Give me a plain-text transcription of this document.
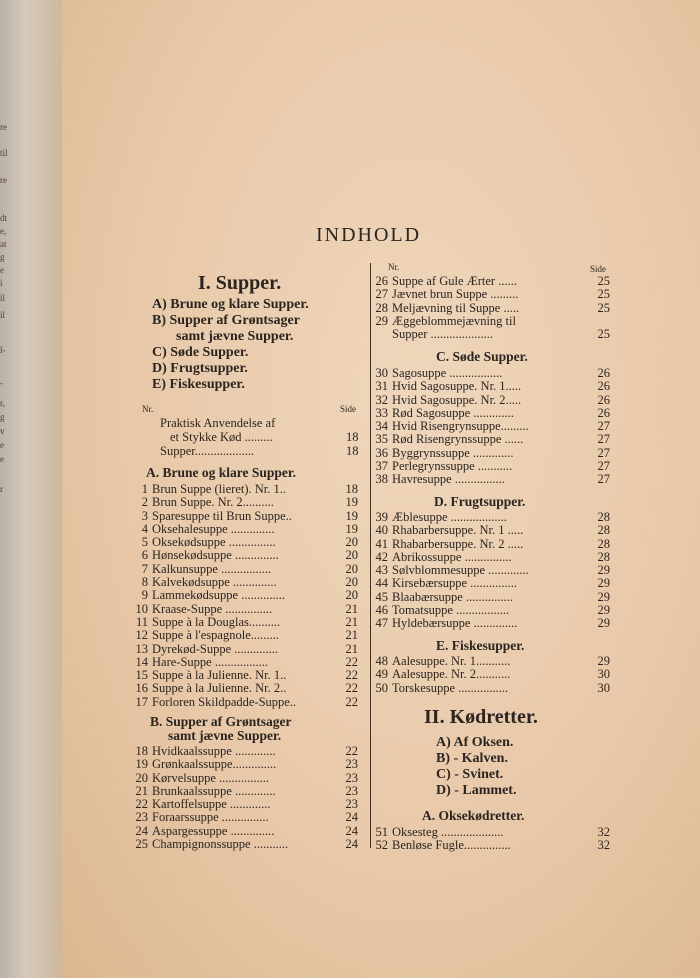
re
til
re
dt
e,
at
g
e
i
il
il
l-
-
r,
g
v
e
e
r
INDHOLD
I. Supper.
A) Brune og klare Supper.
B) Supper af Grøntsager
samt jævne Supper.
C) Søde Supper.
D) Frugtsupper.
E) Fiskesupper.
Nr.	Side
Praktisk Anvendelse af
et Stykke Kød .........	18
Supper...................	18
A. Brune og klare Supper.
1 Brun Suppe (lieret). Nr. 1..	18
2 Brun Suppe. Nr. 2..........	19
3 Sparesuppe til Brun Suppe..	19
4 Oksehalesuppe ..............	19
5 Oksekødsuppe ...............	20
6 Hønsekødsuppe ..............	20
7 Kalkunsuppe ................	20
8 Kalvekødsuppe ..............	20
9 Lammekødsuppe ..............	20
10 Kraase-Suppe ...............	21
11 Suppe à la Douglas..........	21
12 Suppe à l'espagnole.........	21
13 Dyrekød-Suppe ..............	21
14 Hare-Suppe .................	22
15 Suppe à la Julienne. Nr. 1..	22
16 Suppe à la Julienne. Nr. 2..	22
17 Forloren Skildpadde-Suppe..	22
B. Supper af Grøntsager
samt jævne Supper.
18 Hvidkaalssuppe .............	22
19 Grønkaalssuppe..............	23
20 Kørvelsuppe ................	23
21 Brunkaalssuppe .............	23
22 Kartoffelsuppe .............	23
23 Foraarssuppe ...............	24
24 Aspargessuppe ..............	24
25 Champignonssuppe ...........	24
Nr.	Side
26 Suppe af Gule Ærter ......	25
27 Jævnet brun Suppe .........	25
28 Meljævning til Suppe .....	25
29 Æggeblommejævning til
Supper ....................	25
C. Søde Supper.
30 Sagosuppe .................	26
31 Hvid Sagosuppe. Nr. 1.....	26
32 Hvid Sagosuppe. Nr. 2.....	26
33 Rød Sagosuppe .............	26
34 Hvid Risengrynsuppe.........	27
35 Rød Risengrynssuppe ......	27
36 Byggrynssuppe .............	27
37 Perlegrynssuppe ...........	27
38 Havresuppe ................	27
D. Frugtsupper.
39 Æblesuppe ..................	28
40 Rhabarbersuppe. Nr. 1 .....	28
41 Rhabarbersuppe. Nr. 2 .....	28
42 Abrikossuppe ...............	28
43 Sølvblommesuppe .............	29
44 Kirsebærsuppe ...............	29
45 Blaabærsuppe ...............	29
46 Tomatsuppe .................	29
47 Hyldebærsuppe ..............	29
E. Fiskesupper.
48 Aalesuppe. Nr. 1...........	29
49 Aalesuppe. Nr. 2...........	30
50 Torskesuppe ................	30
II. Kødretter.
A) Af Oksen.
B) - Kalven.
C) - Svinet.
D) - Lammet.
A. Oksekødretter.
51 Oksesteg ....................	32
52 Benløse Fugle...............	32
